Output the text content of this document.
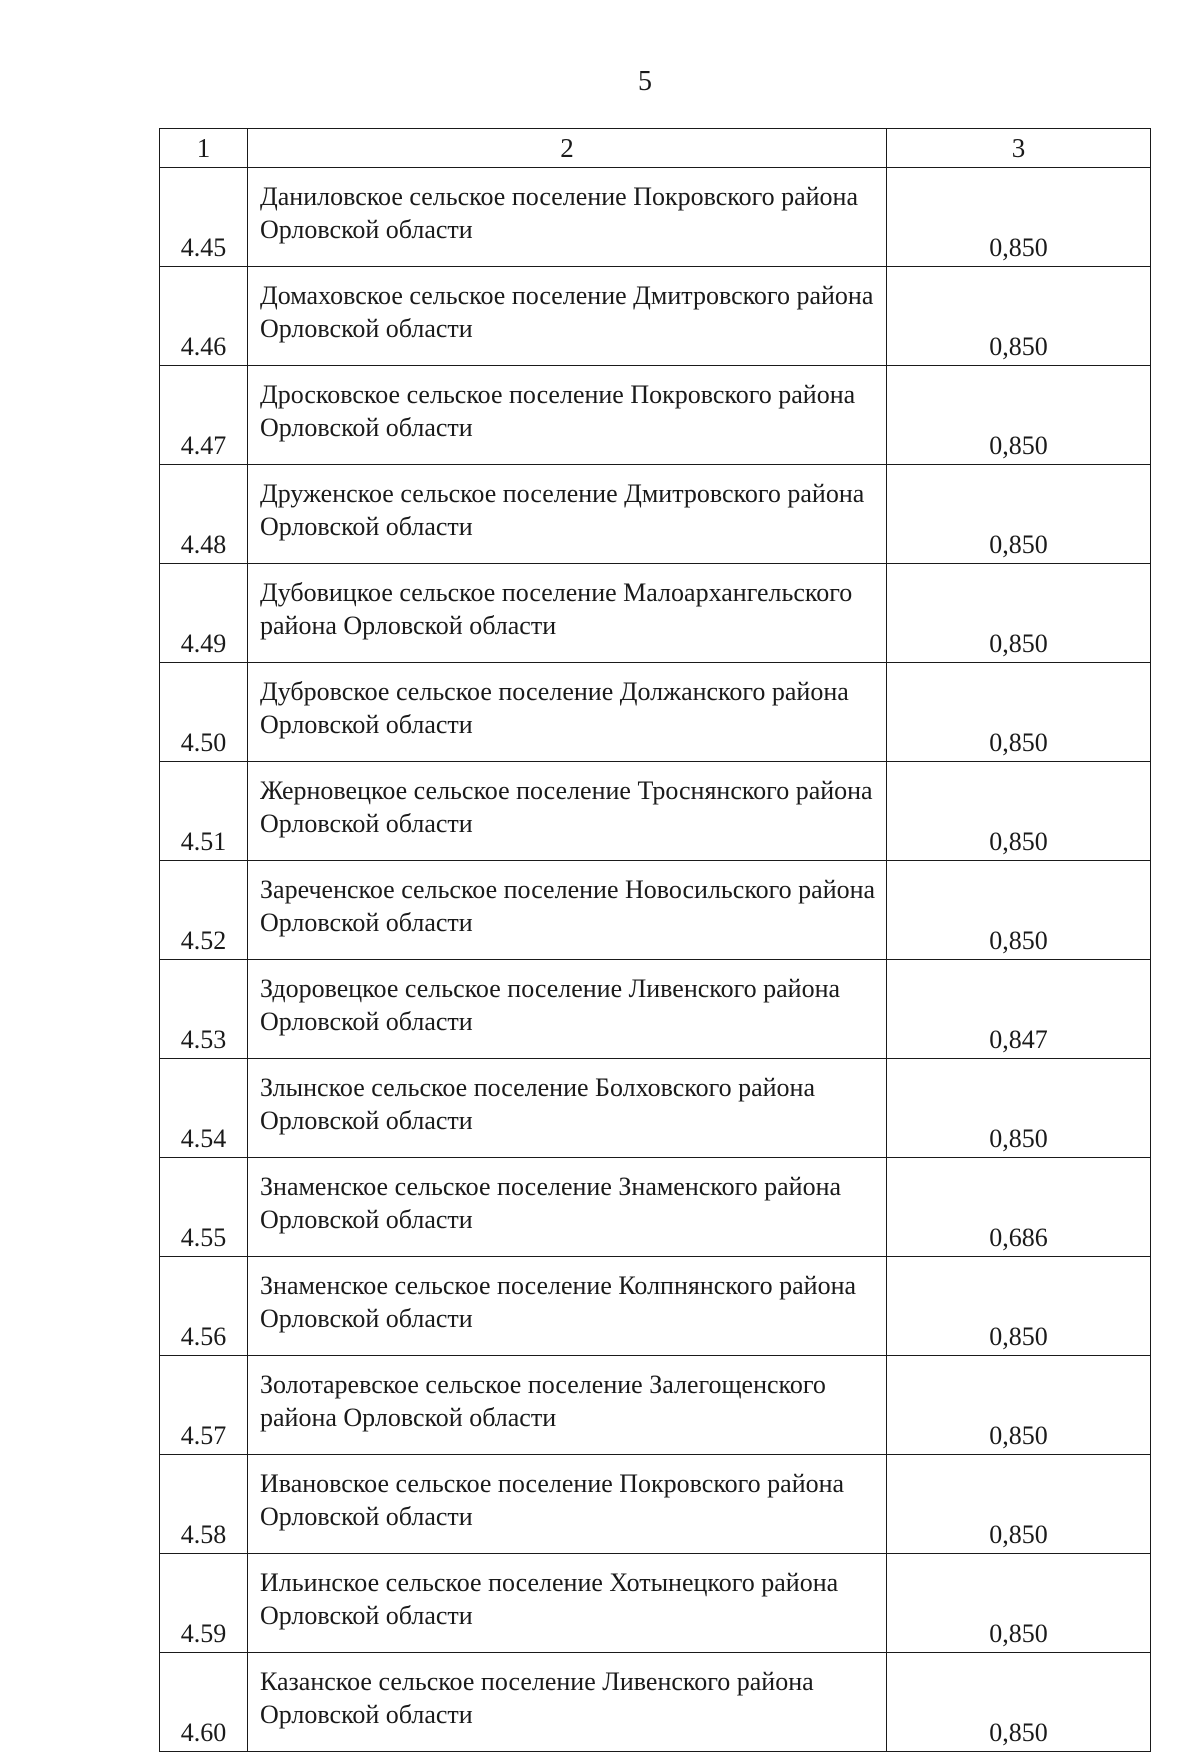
5
1	2	3
4.45	Даниловское сельское поселение Покровского района Орловской области	0,850
4.46	Домаховское сельское поселение Дмитровского района Орловской области	0,850
4.47	Дросковское сельское поселение Покровского района Орловской области	0,850
4.48	Друженское сельское поселение Дмитровского района Орловской области	0,850
4.49	Дубовицкое сельское поселение Малоархангельского района Орловской области	0,850
4.50	Дубровское сельское поселение Должанского района Орловской области	0,850
4.51	Жерновецкое сельское поселение Троснянского района Орловской области	0,850
4.52	Зареченское сельское поселение Новосильского района Орловской области	0,850
4.53	Здоровецкое сельское поселение Ливенского района Орловской области	0,847
4.54	Злынское сельское поселение Болховского района Орловской области	0,850
4.55	Знаменское сельское поселение Знаменского района Орловской области	0,686
4.56	Знаменское сельское поселение Колпнянского района Орловской области	0,850
4.57	Золотаревское сельское поселение Залегощенского района Орловской области	0,850
4.58	Ивановское сельское поселение Покровского района Орловской области	0,850
4.59	Ильинское сельское поселение Хотынецкого района Орловской области	0,850
4.60	Казанское сельское поселение Ливенского района Орловской области	0,850
